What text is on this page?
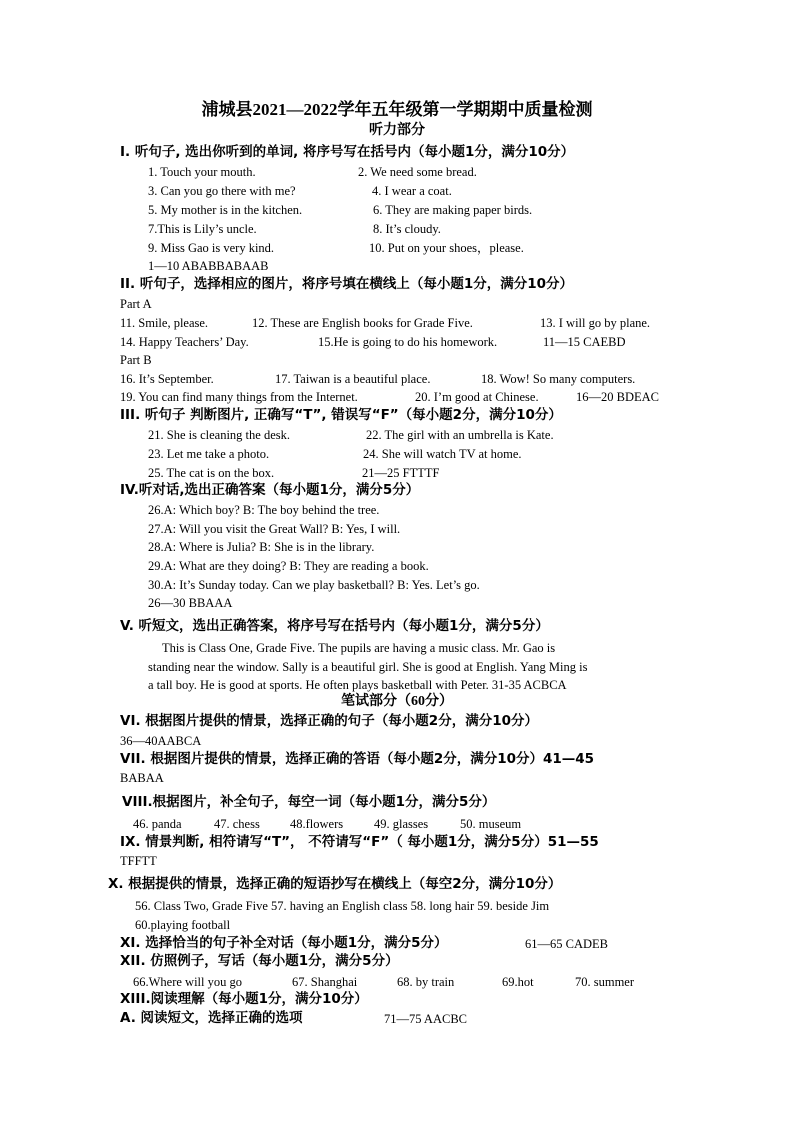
浦城县2021—2022学年五年级第一学期期中质量检测
听力部分
I. 听句子, 选出你听到的单词, 将序号写在括号内（每小题1分，满分10分）
1. Touch your mouth.	2. We need some bread.
3. Can you go there with me?	4. I wear a coat.
5. My mother is in the kitchen.	6. They are making paper birds.
7.This is Lily’s uncle.	8. It’s cloudy.
9. Miss Gao is very kind.	10. Put on your shoes，please.
1—10 ABABBABAAB
II. 听句子，选择相应的图片，将序号填在横线上（每小题1分，满分10分）
Part A
11. Smile, please.	12. These are English books for Grade Five.	13. I will go by plane.
14. Happy Teachers’ Day.	15.He is going to do his homework.	11—15 CAEBD
Part B
16. It’s September.	17. Taiwan is a beautiful place.	18. Wow! So many computers.
19. You can find many things from the Internet.	20. I’m good at Chinese.	16—20 BDEAC
III. 听句子 判断图片, 正确写“T”, 错误写“F”（每小题2分，满分10分）
21. She is cleaning the desk.	22. The girl with an umbrella is Kate.
23. Let me take a photo.	24. She will watch TV at home.
25. The cat is on the box.	21—25 FTTTF
IV.听对话,选出正确答案（每小题1分，满分5分）
26.A: Which boy? B: The boy behind the tree.
27.A: Will you visit the Great Wall? B: Yes, I will.
28.A: Where is Julia? B: She is in the library.
29.A: What are they doing? B: They are reading a book.
30.A: It’s Sunday today. Can we play basketball? B: Yes. Let’s go.
26—30 BBAAA
V. 听短文，选出正确答案，将序号写在括号内（每小题1分，满分5分）
This is Class One, Grade Five. The pupils are having a music class. Mr. Gao is
standing near the window. Sally is a beautiful girl. She is good at English. Yang Ming is
a tall boy. He is good at sports. He often plays basketball with Peter. 31-35 ACBCA
笔试部分（60分）
VI. 根据图片提供的情景，选择正确的句子（每小题2分，满分10分）
36—40AABCA
VII. 根据图片提供的情景，选择正确的答语（每小题2分，满分10分）41—45
BABAA
VIII.根据图片，补全句子，每空一词（每小题1分，满分5分）
46. panda	47. chess 48.flowers 49. glasses	50. museum
IX. 情景判断, 相符请写“T”， 不符请写“F”（ 每小题1分，满分5分）51—55
TFFTT
X. 根据提供的情景，选择正确的短语抄写在横线上（每空2分，满分10分）
56. Class Two, Grade Five 57. having an English class 58. long hair 59. beside Jim
60.playing football
XI. 选择恰当的句子补全对话（每小题1分，满分5分）	61—65 CADEB
XII. 仿照例子，写话（每小题1分，满分5分）
66.Where will you go	67. Shanghai	68. by train	69.hot	70. summer
XIII.阅读理解（每小题1分，满分10分）
A. 阅读短文，选择正确的选项	71—75 AACBC
